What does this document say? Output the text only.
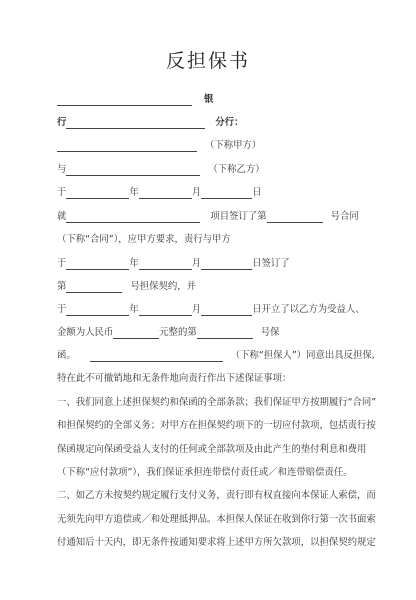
反担保书
银
行	分行：
（下称甲方）
与	（下称乙方）
于	年	月	日
就	项目签订了第	号合同
（下称“合同”），应甲方要求，责行与甲方
于	年	月	日签订了
第	号担保契约，并
于	年	月	日开立了以乙方为受益人、
金额为人民币	元整的第	号保
函。	（下称“担保人”）同意出具反担保,
特在此不可撤销地和无条件地向责行作出下述保证事项：
一、我们同意上述担保契约和保函的全部条款；我们保证甲方按期履行“合同”
和担保契约的全部义务；对甲方在担保契约项下的一切应付款项，包括责行按
保函规定向保函受益人支付的任何或全部款项及由此产生的垫付利息和费用
（下称“应付款项”），我们保证承担连带偿付责任或／和连带赔偿责任。
二、如乙方未按契约规定履行支付义务，责行即有权直接向本保证人索偿，而
无须先向甲方追偿或／和处理抵押品。本担保人保证在收到你行第一次书面索
付通知后十天内，即无条件按通知要求将上述甲方所欠款项，以担保契约规定
